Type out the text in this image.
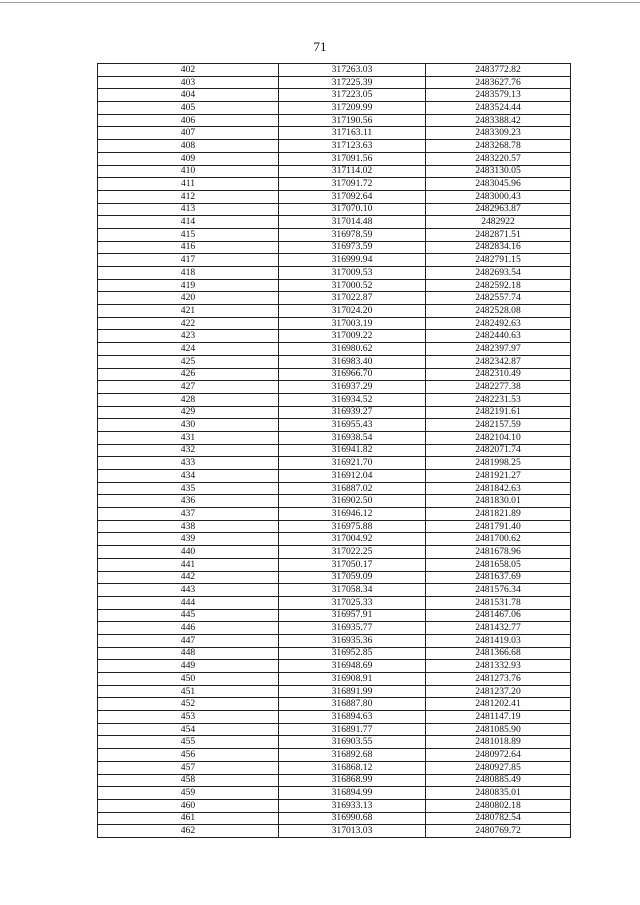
71
402	317263.03	2483772.82
403	317225.39	2483627.76
404	317223.05	2483579.13
405	317209.99	2483524.44
406	317190.56	2483388.42
407	317163.11	2483309.23
408	317123.63	2483268.78
409	317091.56	2483220.57
410	317114.02	2483130.05
411	317091.72	2483045.96
412	317092.64	2483000.43
413	317070.10	2482963.87
414	317014.48	2482922
415	316978.59	2482871.51
416	316973.59	2482834.16
417	316999.94	2482791.15
418	317009.53	2482693.54
419	317000.52	2482592.18
420	317022.87	2482557.74
421	317024.20	2482528.08
422	317003.19	2482492.63
423	317009.22	2482440.63
424	316980.62	2482397.97
425	316983.40	2482342.87
426	316966.70	2482310.49
427	316937.29	2482277.38
428	316934.52	2482231.53
429	316939.27	2482191.61
430	316955.43	2482157.59
431	316938.54	2482104.10
432	316941.82	2482071.74
433	316921.70	2481998.25
434	316912.04	2481921.27
435	316887.02	2481842.63
436	316902.50	2481830.01
437	316946.12	2481821.89
438	316975.88	2481791.40
439	317004.92	2481700.62
440	317022.25	2481678.96
441	317050.17	2481658.05
442	317059.09	2481637.69
443	317058.34	2481576.34
444	317025.33	2481531.78
445	316957.91	2481467.06
446	316935.77	2481432.77
447	316935.36	2481419.03
448	316952.85	2481366.68
449	316948.69	2481332.93
450	316908.91	2481273.76
451	316891.99	2481237.20
452	316887.80	2481202.41
453	316894.63	2481147.19
454	316891.77	2481085.90
455	316903.55	2481018.89
456	316892.68	2480972.64
457	316868.12	2480927.85
458	316868.99	2480885.49
459	316894.99	2480835.01
460	316933.13	2480802.18
461	316990.68	2480782.54
462	317013.03	2480769.72
